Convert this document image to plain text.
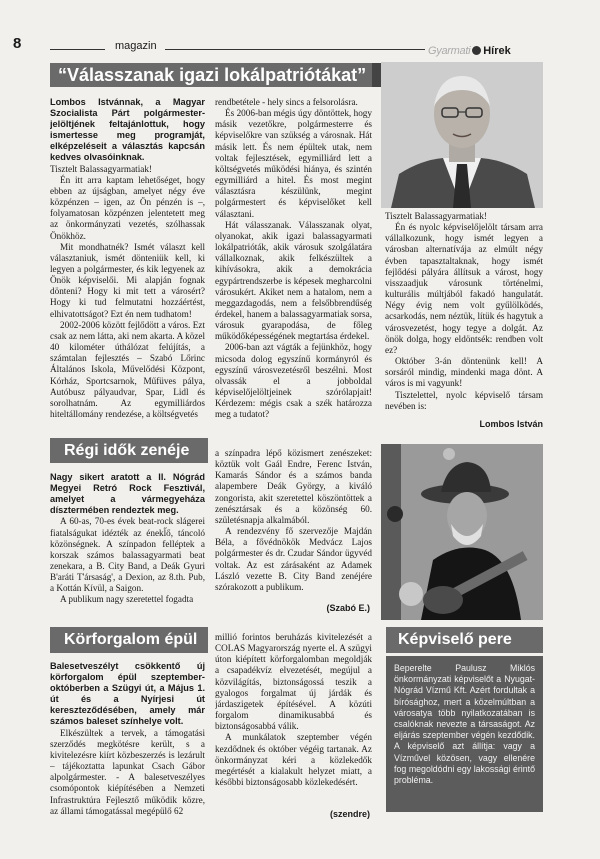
8	magazin	Gyarmati Hírek
“Válasszanak igazi lokálpatriótákat”

Lombos Istvánnak, a Magyar Szocialista Párt polgármester-jelöltjének feltajánlottuk, hogy ismertesse meg programját, elképzeléseit a választás kapcsán kedves olvasóinknak.

Tisztelt Balassagyarmatiak!

Én itt arra kaptam lehetőséget, hogy ebben az újságban, amelyet négy éve közpénzen – igen, az Ön pénzén is –, folyamatosan közpénzen jelentetett meg az önkormányzati vezetés, szólhassak Önökhöz.

Mit mondhatnék? Ismét választ kell választaniuk, ismét dönteniük kell, ki legyen a polgármester, és kik legyenek az Önök képviselői. Mi alapján fognak dönteni? Hogy ki mit tett a városért? Hogy ki tud felmutatni hozzáértést, elhivatottságot? Ezt én nem tudhatom!

2002-2006 között fejlődött a város. Ezt csak az nem látta, aki nem akarta. A közel 40 kilométer úthálózat felújítás, a számtalan fejlesztés – Szabó Lőrinc Általános Iskola, Művelődési Központ, Kórház, Sportcsarnok, Műfüves pálya, Autóbusz pályaudvar, Spar, Lidl és sorolhatnám. Az egymilliárdos hiteltállomány rendezése, a költségvetés

rendbetétele - hely sincs a felsorolásra.

És 2006-ban mégis úgy döntöttek, hogy másik vezetőkre, polgármesterre és képviselőkre van szükség a városnak. Hát másik lett. És nem épültek utak, nem voltak fejlesztések, egymilliárd lett a költségvetés működési hiánya, és szintén egymilliárd a hitel. És most megint választásra készülünk, megint polgármestert és képviselőket kell választani.

Hát válasszanak. Válasszanak olyat, olyanokat, akik igazi balassagyarmati lokálpatrióták, akik városuk szolgálatára vállalkoznak, akik felkészültek a kihívásokra, akik a demokrácia egypártrendszerbe is képesek megharcolni városukért. Akiket nem a hatalom, nem a meggazdagodás, nem a felsőbbrendűség érdekel, hanem a balassagyarmatiak sorsa, városuk gyarapodása, de főleg működőképességének megtartása érdekel.

2006-ban azt vágták a fejünkhöz, hogy micsoda dolog egyszínű kormányról és egyszínű városvezetésről beszélni. Most olvassák el a jobboldal képviselőjelöltjeinek szórólapjait! Kérdezem: mégis csak a szék határozza meg a tudatot?

Tisztelt Balassagyarmatiak!

Én és nyolc képviselőjelölt társam arra vállalkozunk, hogy ismét legyen a városban alternatívája az elmúlt négy évben tapasztaltaknak, hogy ismét fejlődési pályára állítsuk a várost, hogy visszaadjuk városunk történelmi, kulturális múltjából fakadó hangulatát. Négy évig nem volt gyűlölködés, acsarkodás, nem néztük, lítük és hagytuk a városvezetést, hogy tegye a dolgát. Az önök dolga, hogy eldöntsék: rendben volt ez?

Október 3-án döntenünk kell! A sorsáról mindig, mindenki maga dönt. A város is mi vagyunk!

Tisztelettel, nyolc képviselő társam nevében is:

Lombos István
Régi idők zenéje

Nagy sikert aratott a II. Nógrád Megyei Retró Rock Fesztivál, amelyet a vármegyeháza dísztermében rendeztek meg.

A 60-as, 70-es évek beat-rock slágerei fiatalságukat idézték az énekl̋ő, táncoló közönségnek. A színpadon felléptek a korszak számos balassagyarmati beat zenekara, a B. City Band, a Deák Gyuri B'aráti T'ársaság', a Dexion, az 8.th. Pub, a Kottán Kívül, a Saigon.

A publikum nagy szeretettel fogadta

a színpadra lépő közismert zenészeket: köztük volt Gaál Endre, Ferenc István, Kamarás Sándor és a számos banda alapembere Deák György, a kiváló zongorista, akit szeretettel köszöntöttek a zenésztársak és a közönség 60. születésnapja alkalmából.

A rendezvény fő szervezője Majdán Béla, a fővédnökök Medvácz Lajos polgármester és dr. Czudar Sándor ügyvéd voltak. Az est zárásaként az Adamek László vezette B. City Band zenéjére szórakozott a publikum.

(Szabó E.)
Körforgalom épül

Balesetveszélyt csökkentő új körforgalom épül szeptember-októberben a Szügyi út, a Május 1. út és a Nyírjesi út kereszteződésében, amely már számos baleset színhelye volt.

Elkészültek a tervek, a támogatási szerződés megkötésre került, s a kivitelezésre kiírt közbeszerzés is lezárult – tájékoztatta lapunkat Csach Gábor alpolgármester. - A balesetveszélyes csomópontok kiépítésében a Nemzeti Infrastruktúra Fejlesztő működik közre, az állami támogatással megépülő 62

millió forintos beruházás kivitelezését a COLAS Magyarország nyerte el. A szügyi úton kiépített körforgalomban megoldják a csapadékvíz elvezetését, megújul a közvilágítás, biztonságossá teszik a gyalogos forgalmat új járdák és járdaszigetek építésével. A közúti forgalom dinamikusabbá és biztonságosabbá válik.

A munkálatok szeptember végén kezdődnek és október végéig tartanak. Az önkormányzat kéri a közlekedők megértését a kialakult helyzet miatt, a későbbi biztonságosabb közlekedésért.

(szendre)
Képviselő pere

Beperelte Paulusz Miklós önkormányzati képviselőt a Nyugat-Nógrád Vízmű Kft. Azért fordultak a bírósághoz, mert a közelmúltban a városatya több nyilatkozatában is csalóknak nevezte a társaságot. Az eljárás szeptember végén kezdődik. A képviselő azt állítja: vagy a Vízművel közösen, vagy ellenére fog megoldódni egy lakossági érintő probléma.
